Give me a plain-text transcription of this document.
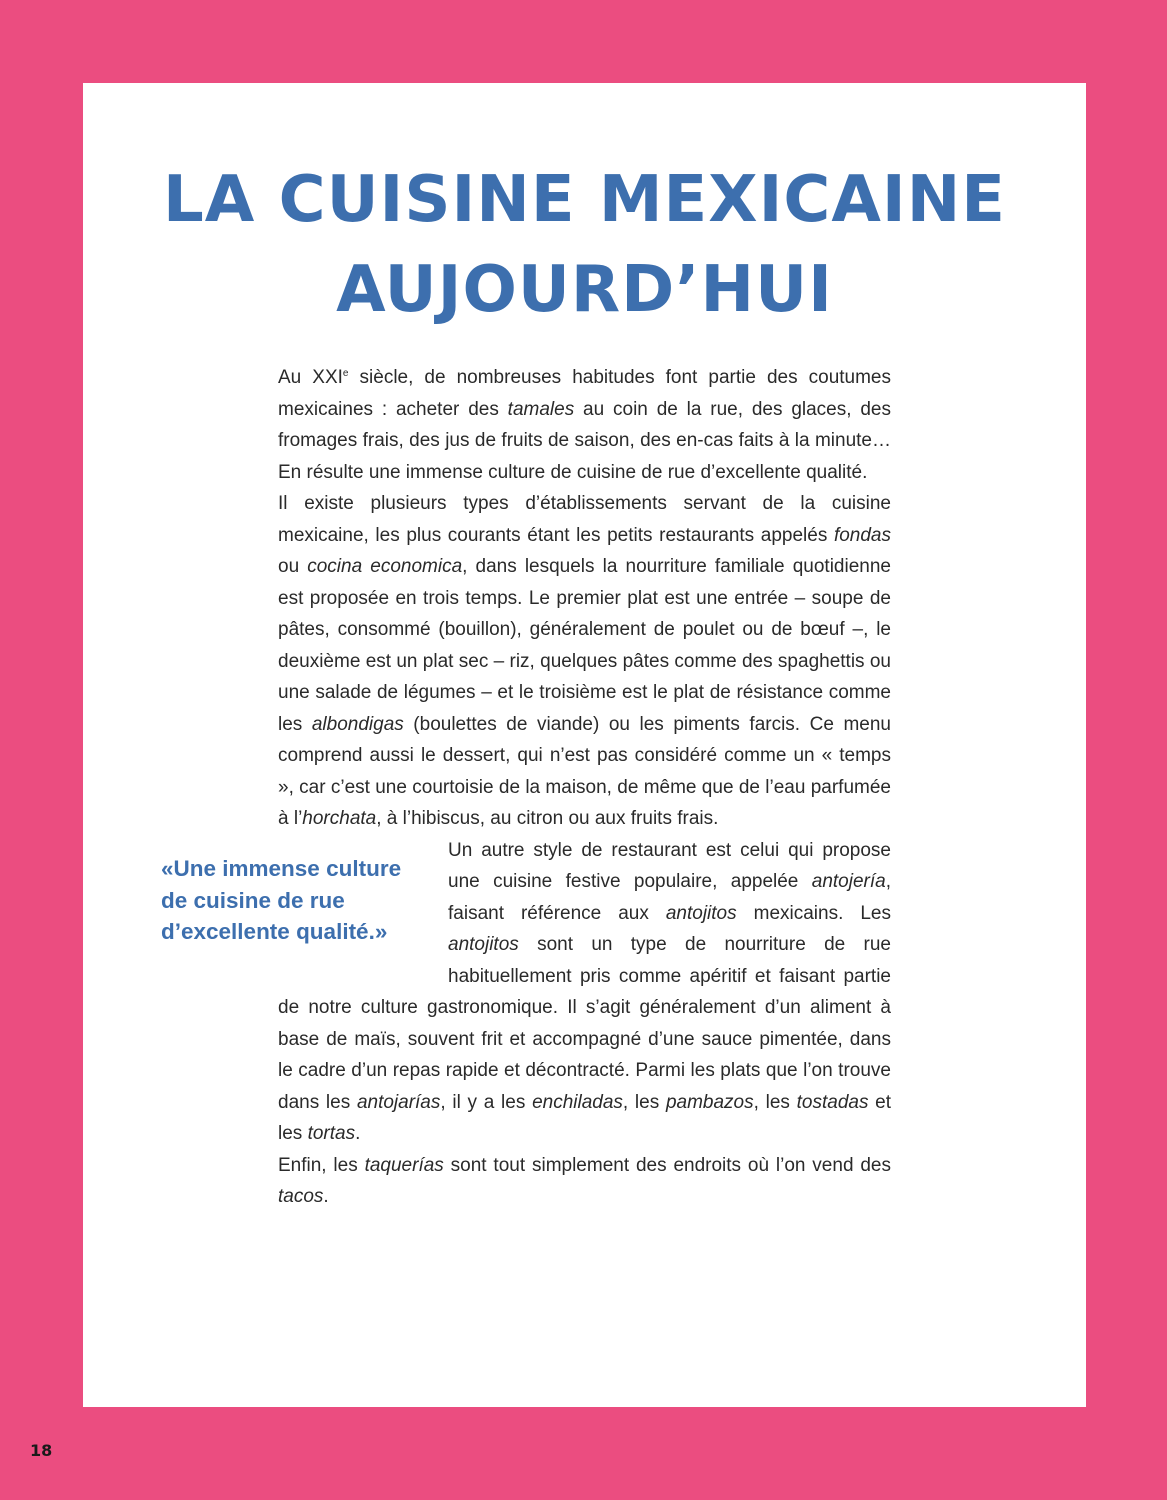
LA CUISINE MEXICAINE
AUJOURD’HUI

Au XXIe siècle, de nombreuses habitudes font partie des coutumes mexicaines : acheter des tamales au coin de la rue, des glaces, des fromages frais, des jus de fruits de saison, des en-cas faits à la minute… En résulte une immense culture de cuisine de rue d’excellente qualité.

Il existe plusieurs types d’établissements servant de la cuisine mexicaine, les plus courants étant les petits restaurants appelés fondas ou cocina economica, dans lesquels la nourriture familiale quotidienne est proposée en trois temps. Le premier plat est une entrée – soupe de pâtes, consommé (bouillon), généralement de poulet ou de bœuf –, le deuxième est un plat sec – riz, quelques pâtes comme des spaghettis ou une salade de légumes – et le troisième est le plat de résistance comme les albondigas (boulettes de viande) ou les piments farcis. Ce menu comprend aussi le dessert, qui n’est pas considéré comme un « temps », car c’est une courtoisie de la maison, de même que de l’eau parfumée à l’horchata, à l’hibiscus, au citron ou aux fruits frais.

Un autre style de restaurant est celui qui propose une cuisine festive populaire, appelée antojería, faisant référence aux antojitos mexicains. Les antojitos sont un type de nourriture de rue habituellement pris comme apéritif et faisant partie de notre culture gastronomique. Il s’agit généralement d’un aliment à base de maïs, souvent frit et accompagné d’une sauce pimentée, dans le cadre d’un repas rapide et décontracté. Parmi les plats que l’on trouve dans les antojarías, il y a les enchiladas, les pambazos, les tostadas et les tortas.

Enfin, les taquerías sont tout simplement des endroits où l’on vend des tacos.

«Une immense culture
de cuisine de rue
d’excellente qualité.»
18
